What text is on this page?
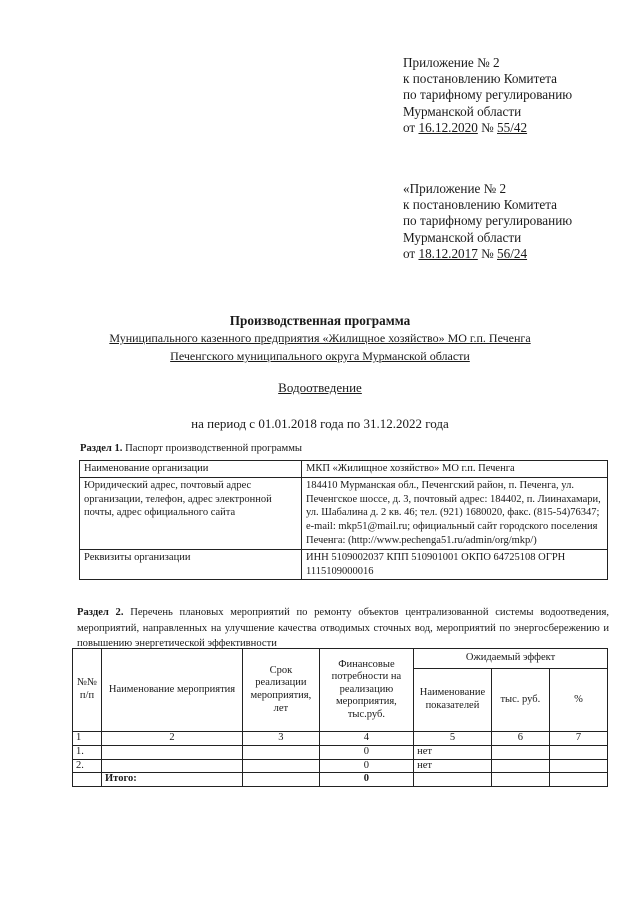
Приложение № 2
к постановлению Комитета
по тарифному регулированию
Мурманской области
от 16.12.2020 № 55/42
«Приложение № 2
к постановлению Комитета
по тарифному регулированию
Мурманской области
от 18.12.2017 № 56/24
Производственная программа
Муниципального казенного предприятия «Жилищное хозяйство» МО г.п. Печенга
Печенгского муниципального округа Мурманской области
Водоотведение
на период с 01.01.2018 года по 31.12.2022 года
Раздел 1. Паспорт производственной программы
Наименование организации	МКП «Жилищное хозяйство» МО г.п. Печенга
Юридический адрес, почтовый адрес организации, телефон, адрес электронной почты, адрес официального сайта	184410 Мурманская обл., Печенгский район, п. Печенга, ул. Печенгское шоссе, д. 3, почтовый адрес: 184402, п. Лиинахамари, ул. Шабалина д. 2 кв. 46; тел. (921) 1680020, факс. (815-54)76347; e-mail: mkp51@mail.ru; официальный сайт городского поселения Печенга: (http://www.pechenga51.ru/admin/org/mkp/)
Реквизиты организации	ИНН 5109002037 КПП 510901001 ОКПО 64725108 ОГРН 1115109000016
Раздел 2. Перечень плановых мероприятий по ремонту объектов централизованной системы водоотведения, мероприятий, направленных на улучшение качества отводимых сточных вод, мероприятий по энергосбережению и повышению энергетической эффективности
№№ п/п	Наименование мероприятия	Срок реализации мероприятия, лет	Финансовые потребности на реализацию мероприятия, тыс.руб.	Ожидаемый эффект		
				Наименование показателей	тыс. руб.	%
1	2	3	4	5	6	7
1.			0	нет		
2.			0	нет		
	Итого:		0			
